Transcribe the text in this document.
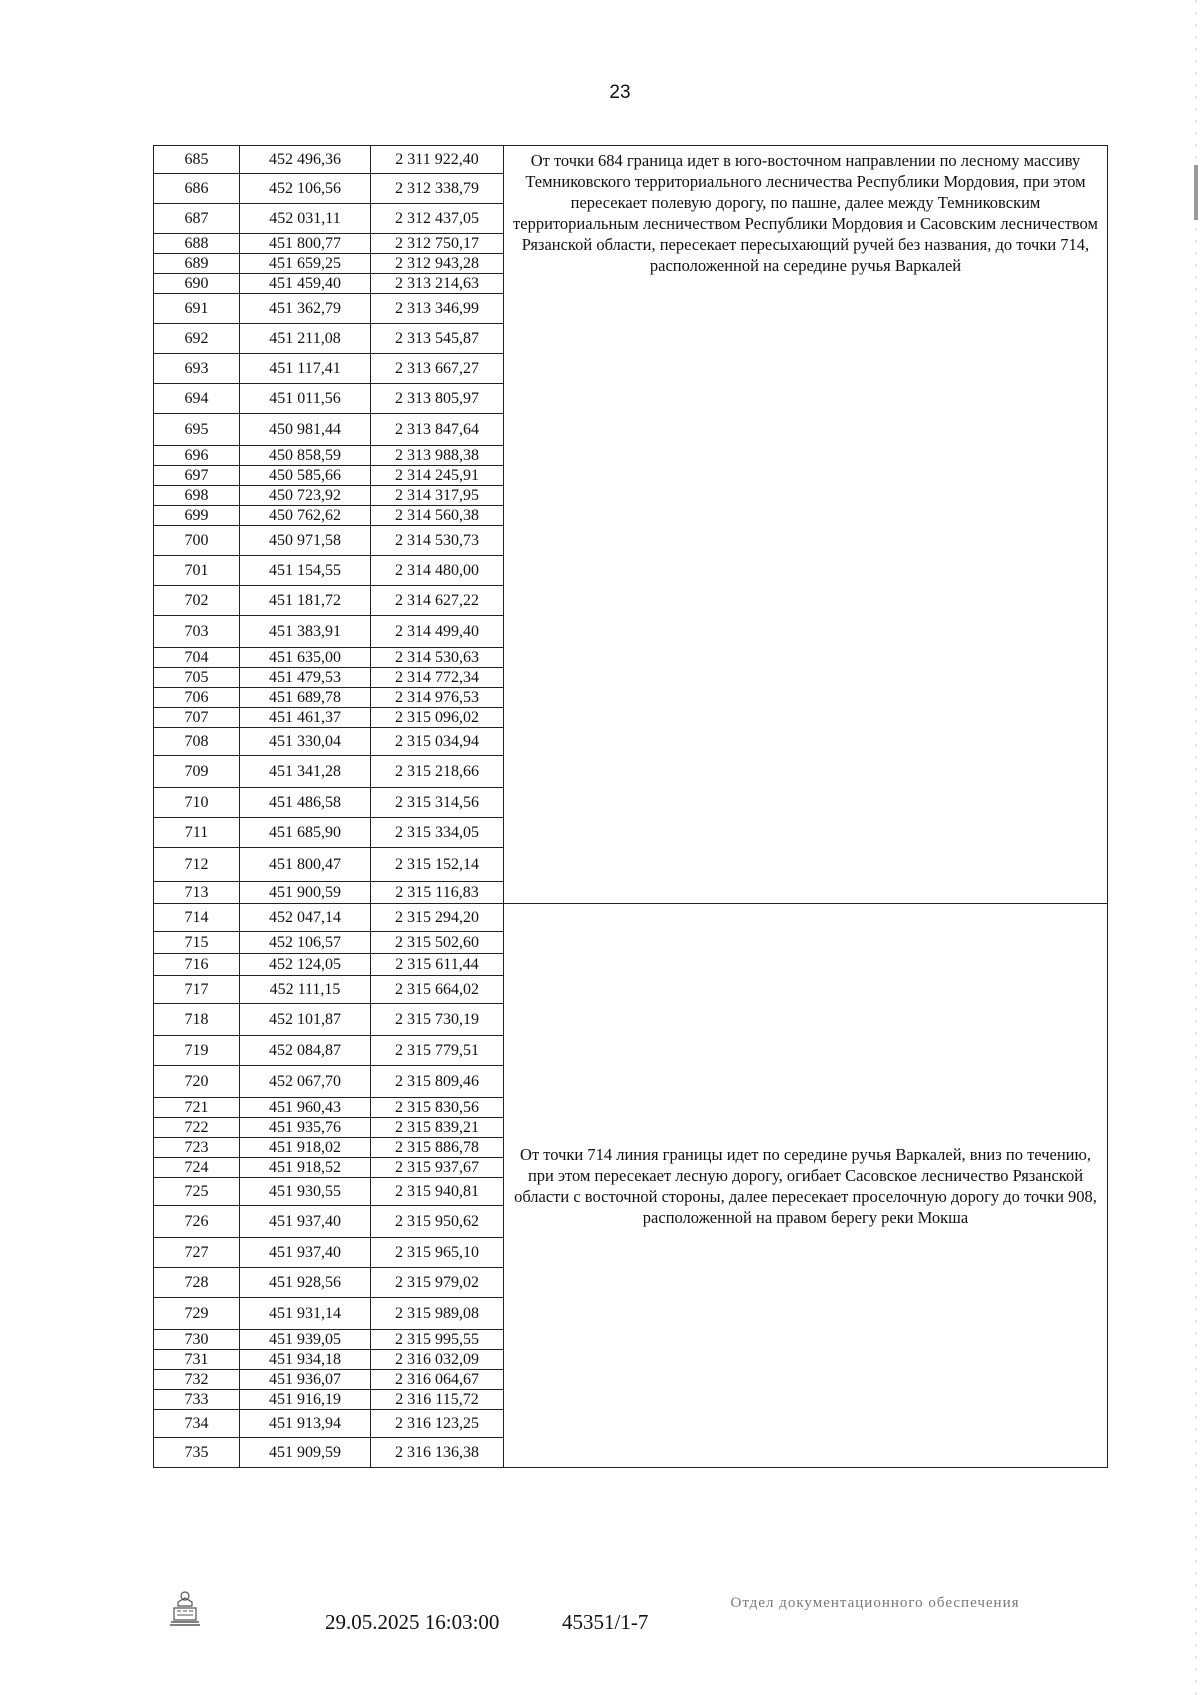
23
685	452 496,36	2 311 922,40	От точки 684 граница идет в юго-восточном направлении по лесному массиву Темниковского территориального лесничества Республики Мордовия, при этом пересекает полевую дорогу, по пашне, далее между Темниковским территориальным лесничеством Республики Мордовия и Сасовским лесничеством Рязанской области, пересекает пересыхающий ручей без названия, до точки 714, расположенной на середине ручья Варкалей
686	452 106,56	2 312 338,79	
687	452 031,11	2 312 437,05	
688	451 800,77	2 312 750,17	
689	451 659,25	2 312 943,28	
690	451 459,40	2 313 214,63	
691	451 362,79	2 313 346,99	
692	451 211,08	2 313 545,87	
693	451 117,41	2 313 667,27	
694	451 011,56	2 313 805,97	
695	450 981,44	2 313 847,64	
696	450 858,59	2 313 988,38	
697	450 585,66	2 314 245,91	
698	450 723,92	2 314 317,95	
699	450 762,62	2 314 560,38	
700	450 971,58	2 314 530,73	
701	451 154,55	2 314 480,00	
702	451 181,72	2 314 627,22	
703	451 383,91	2 314 499,40	
704	451 635,00	2 314 530,63	
705	451 479,53	2 314 772,34	
706	451 689,78	2 314 976,53	
707	451 461,37	2 315 096,02	
708	451 330,04	2 315 034,94	
709	451 341,28	2 315 218,66	
710	451 486,58	2 315 314,56	
711	451 685,90	2 315 334,05	
712	451 800,47	2 315 152,14	
713	451 900,59	2 315 116,83	
714	452 047,14	2 315 294,20	От точки 714 линия границы идет по середине ручья Варкалей, вниз по течению, при этом пересекает лесную дорогу, огибает Сасовское лесничество Рязанской области с восточной стороны, далее пересекает проселочную дорогу до точки 908, расположенной на правом берегу реки Мокша
715	452 106,57	2 315 502,60	
716	452 124,05	2 315 611,44	
717	452 111,15	2 315 664,02	
718	452 101,87	2 315 730,19	
719	452 084,87	2 315 779,51	
720	452 067,70	2 315 809,46	
721	451 960,43	2 315 830,56	
722	451 935,76	2 315 839,21	
723	451 918,02	2 315 886,78	
724	451 918,52	2 315 937,67	
725	451 930,55	2 315 940,81	
726	451 937,40	2 315 950,62	
727	451 937,40	2 315 965,10	
728	451 928,56	2 315 979,02	
729	451 931,14	2 315 989,08	
730	451 939,05	2 315 995,55	
731	451 934,18	2 316 032,09	
732	451 936,07	2 316 064,67	
733	451 916,19	2 316 115,72	
734	451 913,94	2 316 123,25	
735	451 909,59	2 316 136,38	
29.05.2025 16:03:00	45351/1-7
Отдел документационного обеспечения
